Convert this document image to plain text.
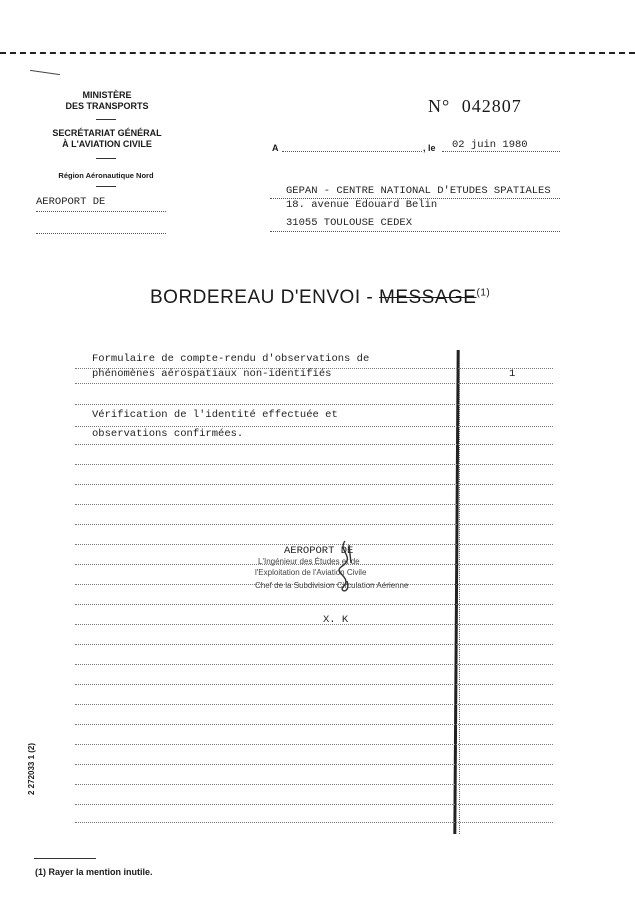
MINISTÈRE
DES TRANSPORTS
SECRÉTARIAT GÉNÉRAL
À L'AVIATION CIVILE
Région Aéronautique Nord
AEROPORT DE
N° 042807
A	, le 02 juin 1980
GEPAN - CENTRE NATIONAL D'ETUDES SPATIALES
18. avenue Edouard Belin
31055 TOULOUSE CEDEX
BORDEREAU D'ENVOI - MESSAGE$^{(1)}$
Formulaire de compte-rendu d'observations de
phénomènes aérospatiaux non-identifiés	1
Vérification de l'identité effectuée et
observations confirmées.
AEROPORT DE
L'Ingénieur des Études et de
l'Exploitation de l'Aviation Civile
Chef de la Subdivision Circulation Aérienne
X. K
2 272033 1 (2)
(1) Rayer la mention inutile.
